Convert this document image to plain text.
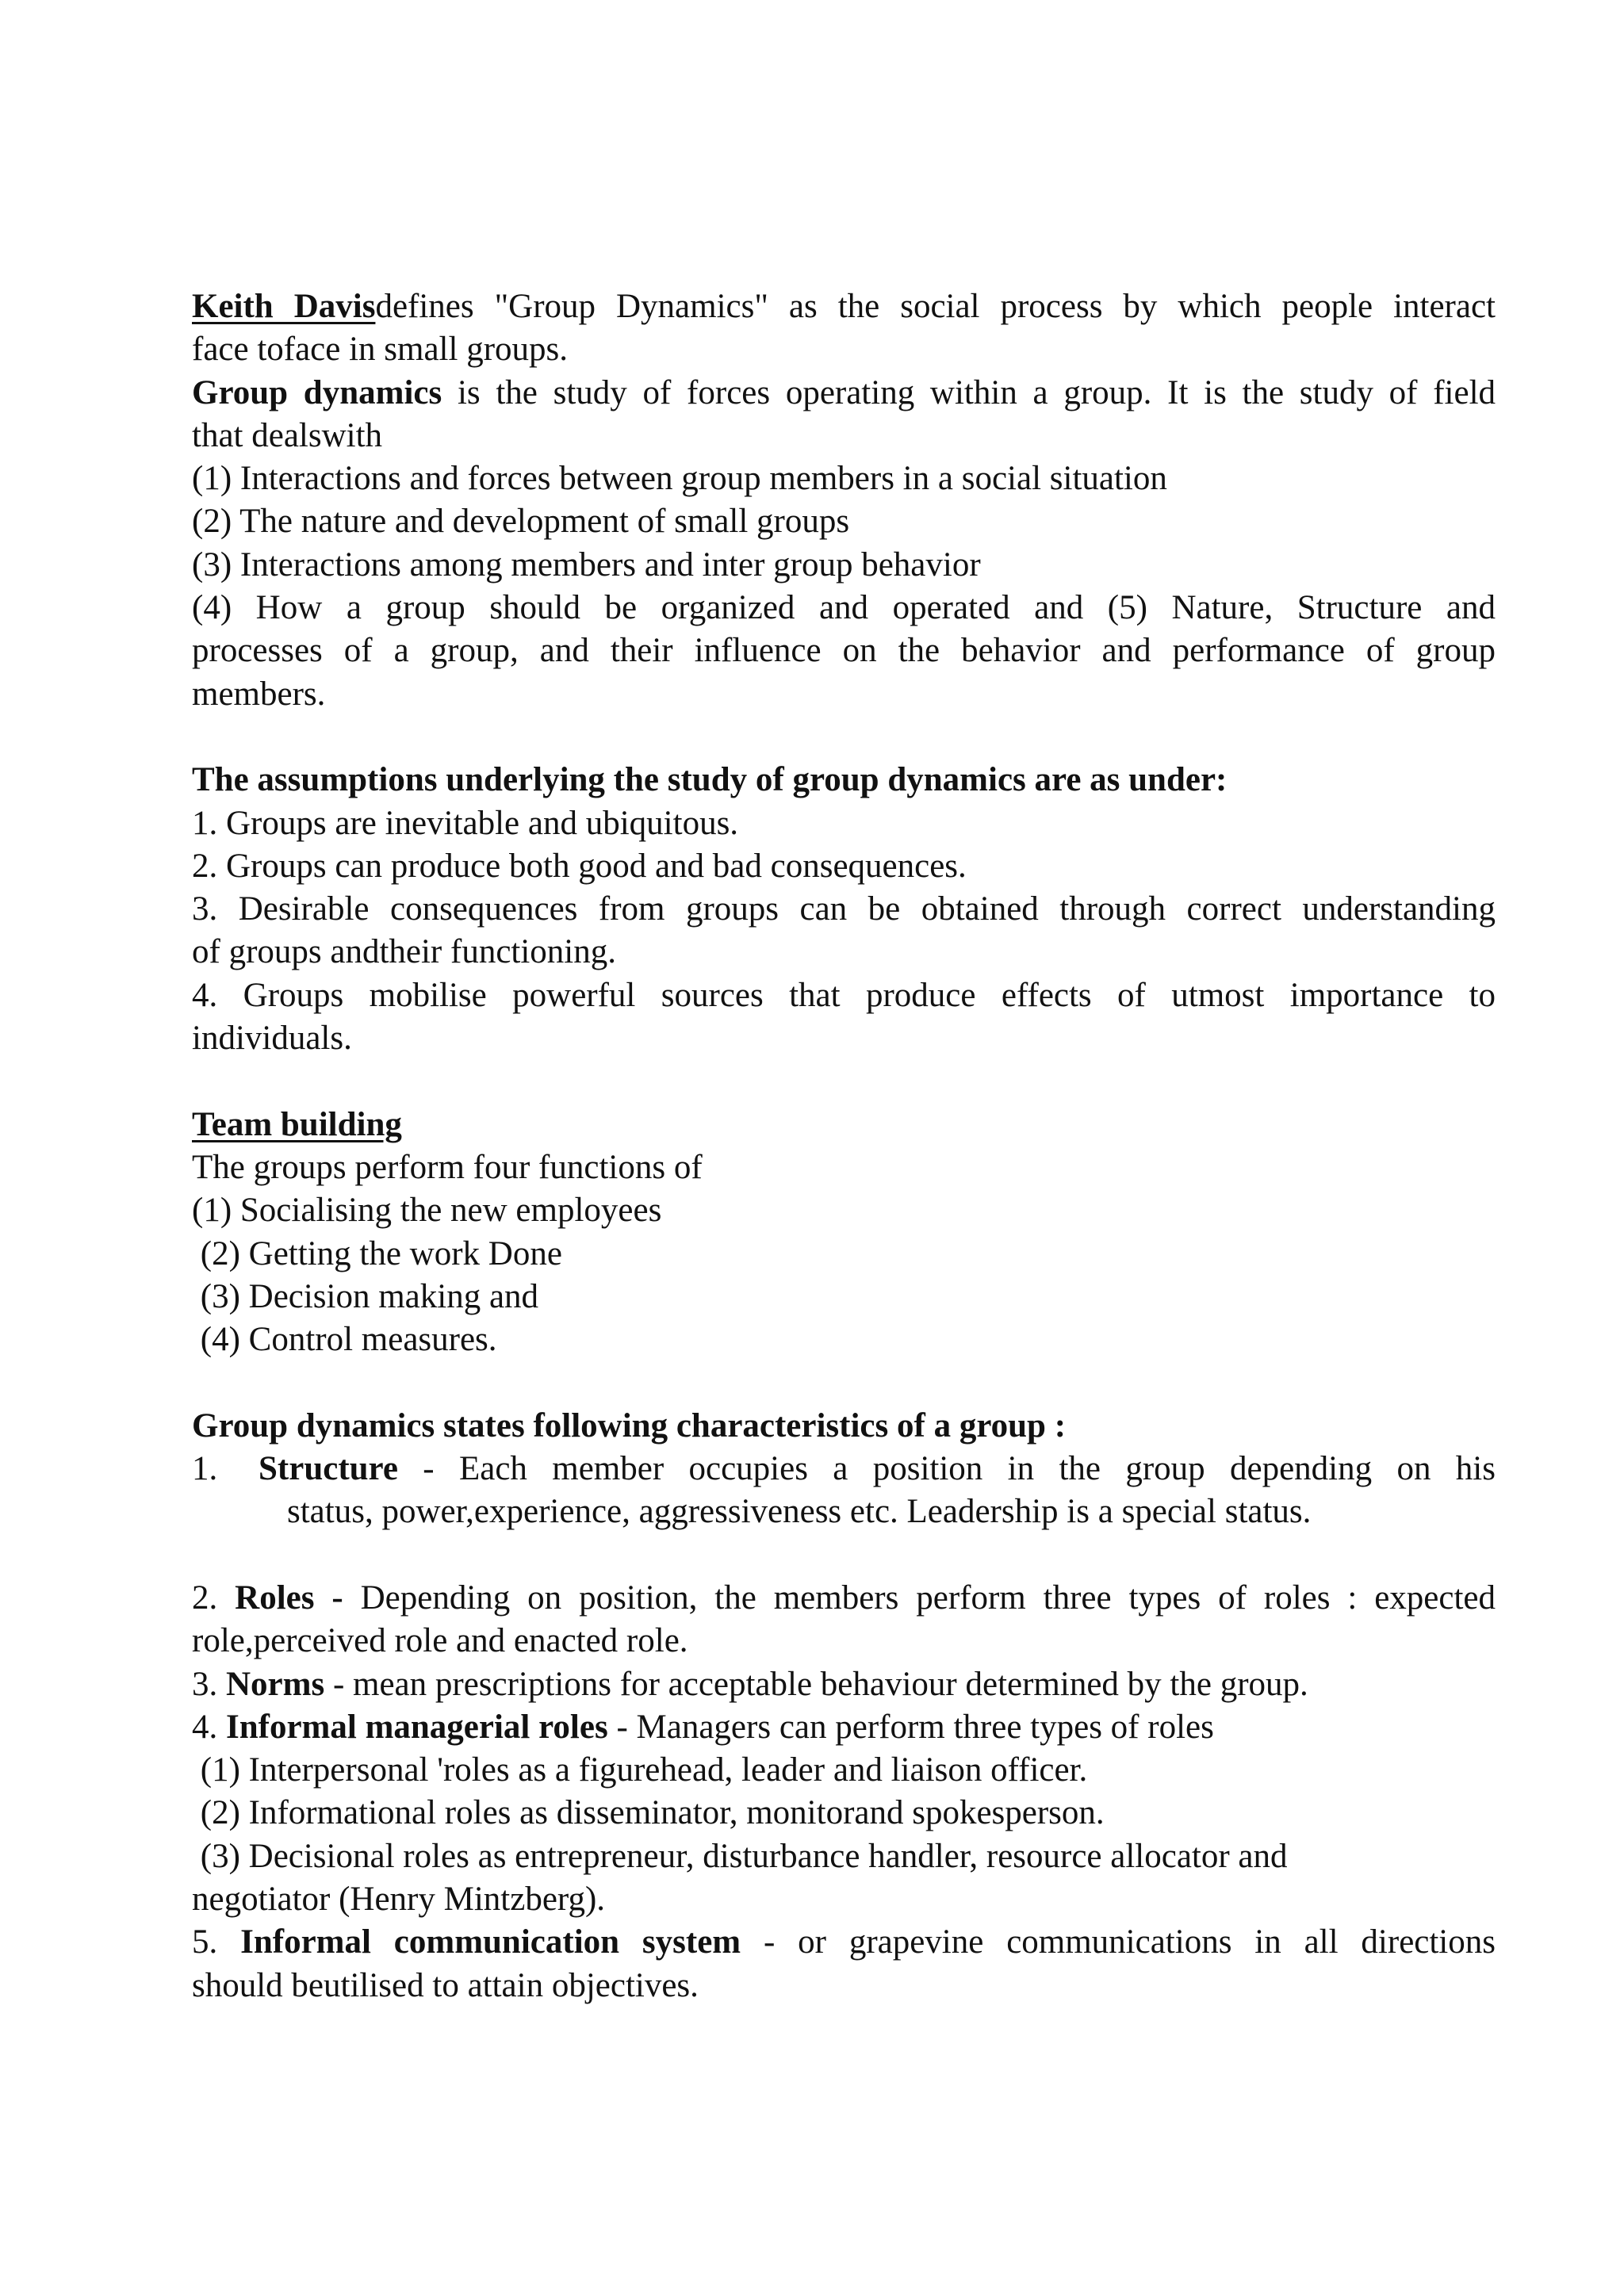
Keith Davisdefines "Group Dynamics" as the social process by which people interact
face toface in small groups.
Group dynamics is the study of forces operating within a group. It is the study of field
that dealswith
(1) Interactions and forces between group members in a social situation
(2) The nature and development of small groups
(3) Interactions among members and inter group behavior
(4) How a group should be organized and operated and (5) Nature, Structure and
processes of a group, and their influence on the behavior and performance of group
members.
The assumptions underlying the study of group dynamics are as under:
1. Groups are inevitable and ubiquitous.
2. Groups can produce both good and bad consequences.
3. Desirable consequences from groups can be obtained through correct understanding
of groups andtheir functioning.
4. Groups mobilise powerful sources that produce effects of utmost importance to
individuals.
Team building
The groups perform four functions of
(1) Socialising the new employees
(2) Getting the work Done
(3) Decision making and
(4) Control measures.
Group dynamics states following characteristics of a group :
1. Structure - Each member occupies a position in the group depending on his
status, power,experience, aggressiveness etc. Leadership is a special status.
2. Roles - Depending on position, the members perform three types of roles : expected
role,perceived role and enacted role.
3. Norms - mean prescriptions for acceptable behaviour determined by the group.
4. Informal managerial roles - Managers can perform three types of roles
(1) Interpersonal 'roles as a figurehead, leader and liaison officer.
(2) Informational roles as disseminator, monitorand spokesperson.
(3) Decisional roles as entrepreneur, disturbance handler, resource allocator and
negotiator (Henry Mintzberg).
5. Informal communication system - or grapevine communications in all directions
should beutilised to attain objectives.
